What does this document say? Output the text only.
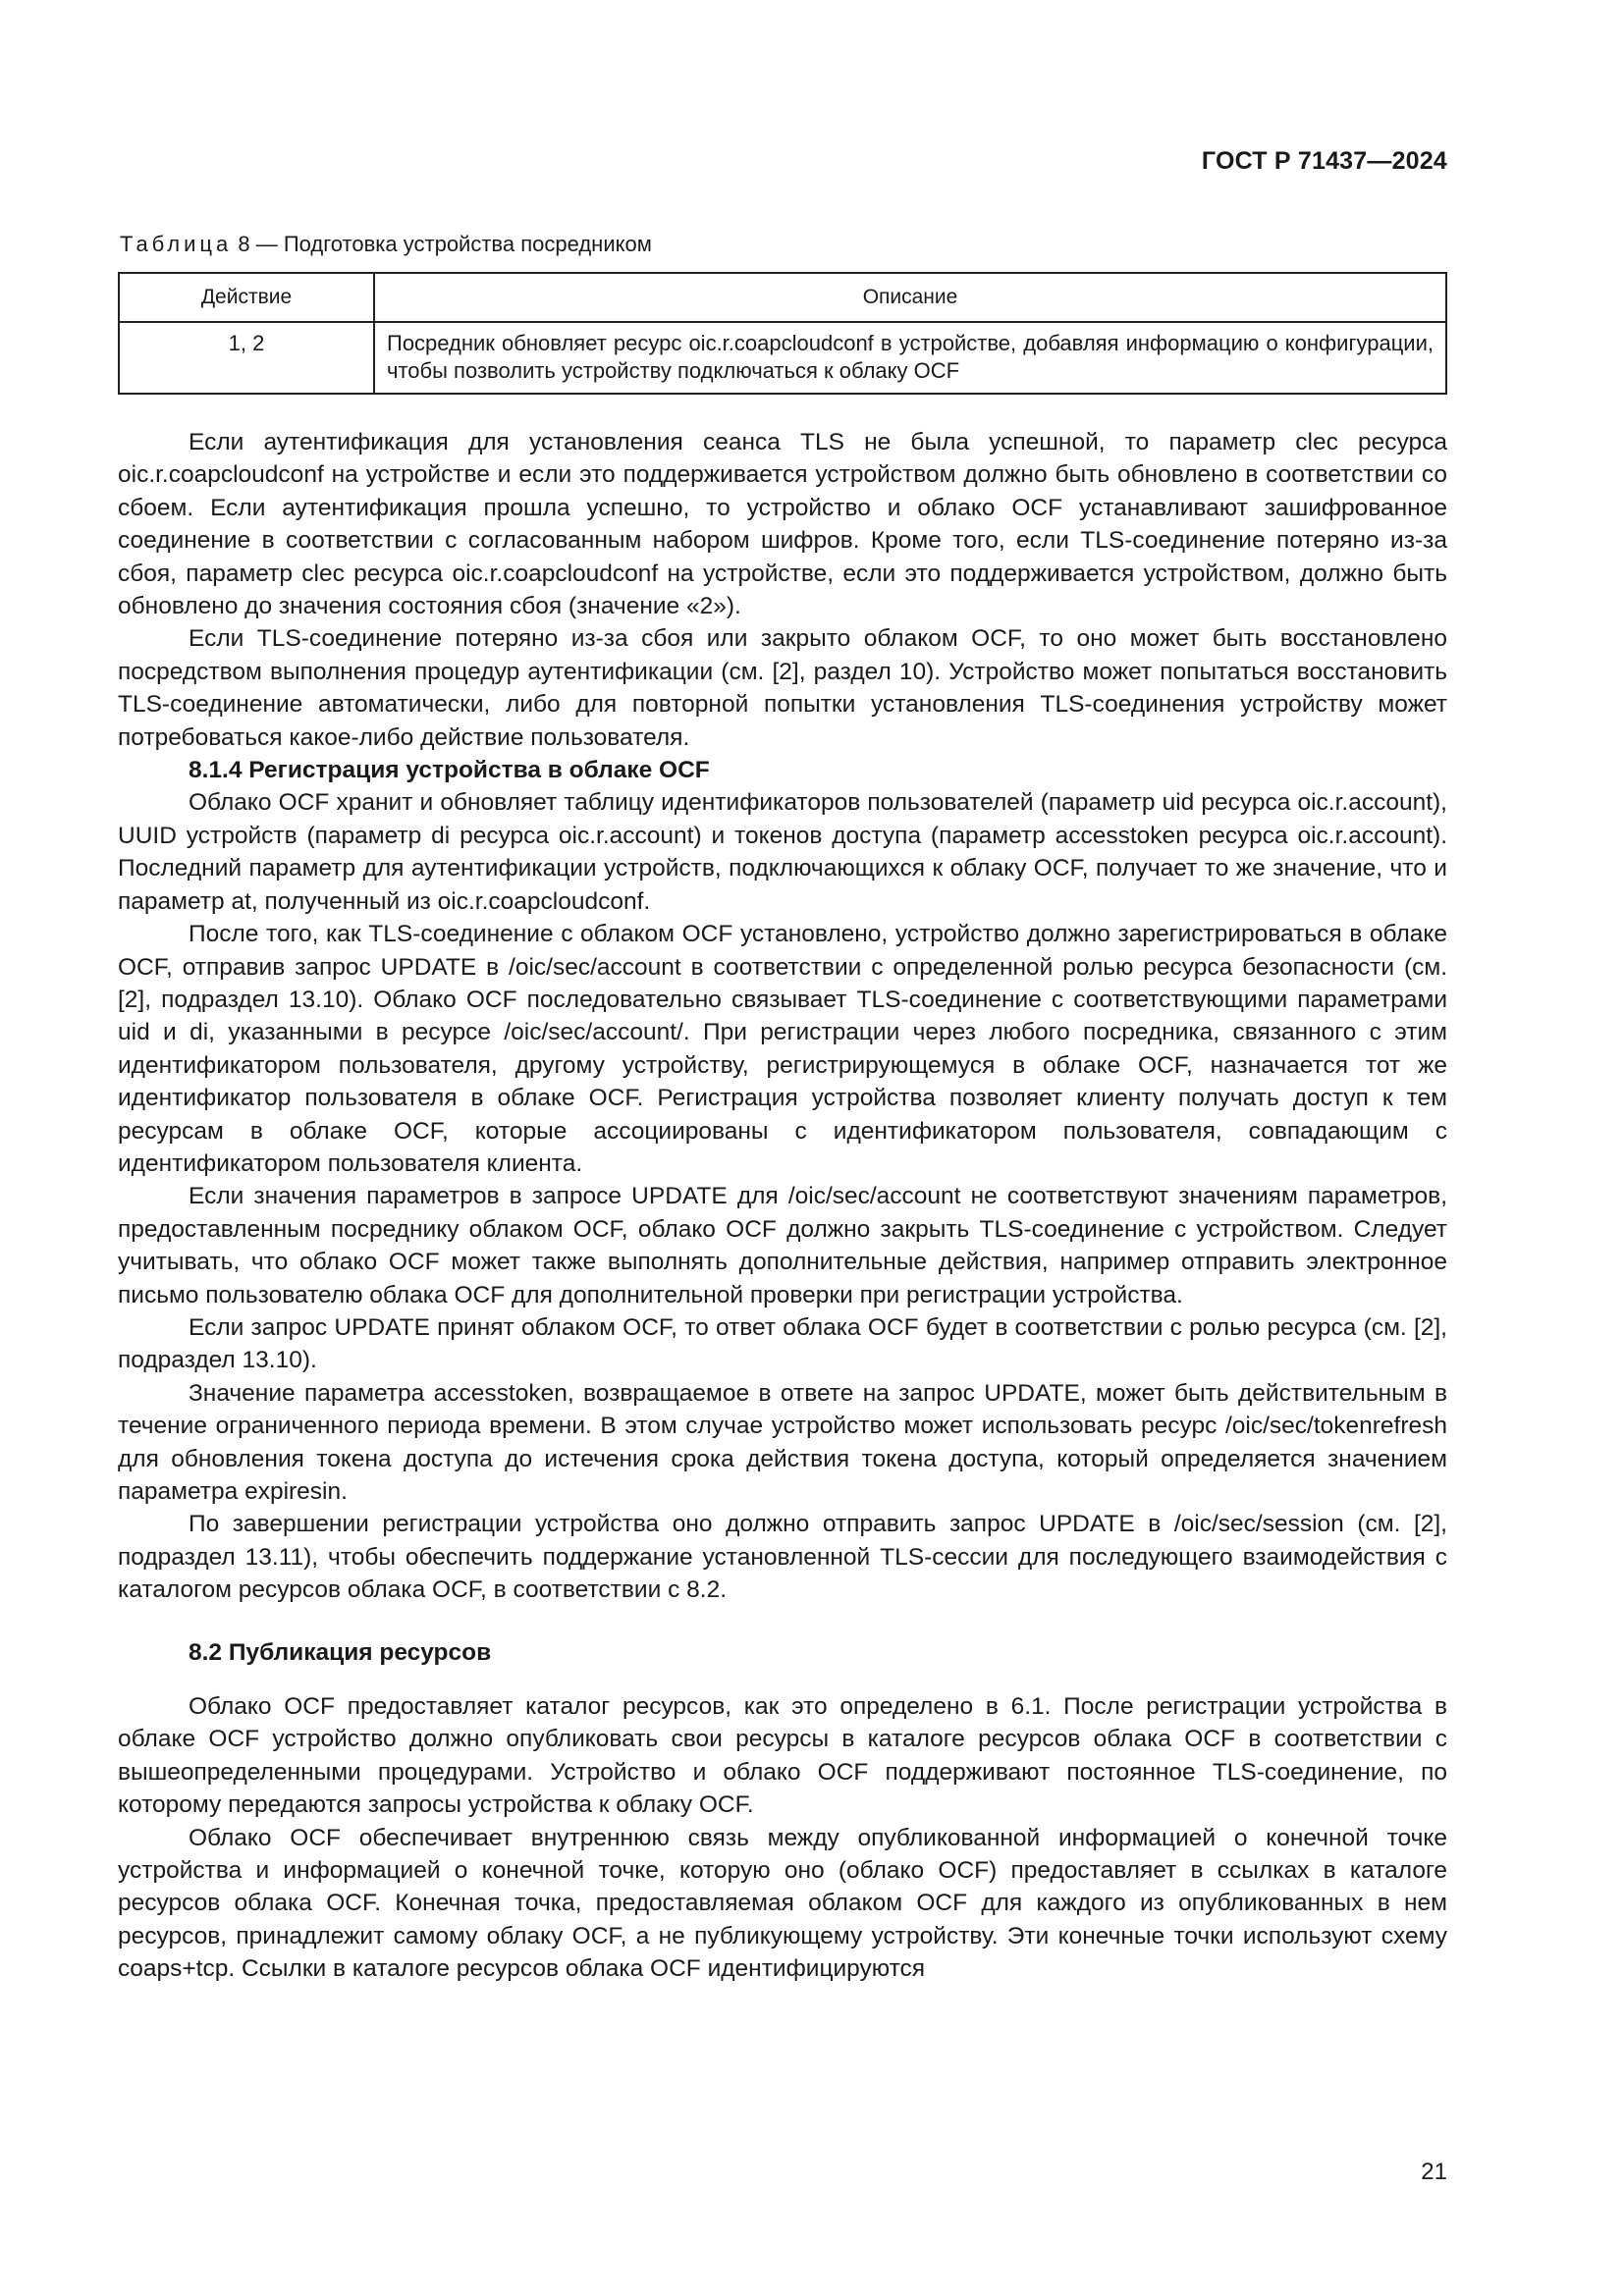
ГОСТ Р 71437—2024
Таблица 8 — Подготовка устройства посредником
Действие	Описание
1, 2	Посредник обновляет ресурс oic.r.coapcloudconf в устройстве, добавляя информацию о конфигурации, чтобы позволить устройству подключаться к облаку OCF

Если аутентификация для установления сеанса TLS не была успешной, то параметр clec ресурса oic.r.coapcloudconf на устройстве и если это поддерживается устройством должно быть обновлено в соответствии со сбоем. Если аутентификация прошла успешно, то устройство и облако OCF устанавливают зашифрованное соединение в соответствии с согласованным набором шифров. Кроме того, если TLS-соединение потеряно из-за сбоя, параметр clec ресурса oic.r.coapcloudconf на устройстве, если это поддерживается устройством, должно быть обновлено до значения состояния сбоя (значение «2»).

Если TLS-соединение потеряно из-за сбоя или закрыто облаком OCF, то оно может быть восстановлено посредством выполнения процедур аутентификации (см. [2], раздел 10). Устройство может попытаться восстановить TLS-соединение автоматически, либо для повторной попытки установления TLS-соединения устройству может потребоваться какое-либо действие пользователя.

8.1.4 Регистрация устройства в облаке OCF

Облако OCF хранит и обновляет таблицу идентификаторов пользователей (параметр uid ресурса oic.r.account), UUID устройств (параметр di ресурса oic.r.account) и токенов доступа (параметр accesstoken ресурса oic.r.account). Последний параметр для аутентификации устройств, подключающихся к облаку OCF, получает то же значение, что и параметр at, полученный из oic.r.coapcloudconf.

После того, как TLS-соединение с облаком OCF установлено, устройство должно зарегистрироваться в облаке OCF, отправив запрос UPDATE в /oic/sec/account в соответствии с определенной ролью ресурса безопасности (см. [2], подраздел 13.10). Облако OCF последовательно связывает TLS-соединение с соответствующими параметрами uid и di, указанными в ресурсе /oic/sec/account/. При регистрации через любого посредника, связанного с этим идентификатором пользователя, другому устройству, регистрирующемуся в облаке OCF, назначается тот же идентификатор пользователя в облаке OCF. Регистрация устройства позволяет клиенту получать доступ к тем ресурсам в облаке OCF, которые ассоциированы с идентификатором пользователя, совпадающим с идентификатором пользователя клиента.

Если значения параметров в запросе UPDATE для /oic/sec/account не соответствуют значениям параметров, предоставленным посреднику облаком OCF, облако OCF должно закрыть TLS-соединение с устройством. Следует учитывать, что облако OCF может также выполнять дополнительные действия, например отправить электронное письмо пользователю облака OCF для дополнительной проверки при регистрации устройства.

Если запрос UPDATE принят облаком OCF, то ответ облака OCF будет в соответствии с ролью ресурса (см. [2], подраздел 13.10).

Значение параметра accesstoken, возвращаемое в ответе на запрос UPDATE, может быть действительным в течение ограниченного периода времени. В этом случае устройство может использовать ресурс /oic/sec/tokenrefresh для обновления токена доступа до истечения срока действия токена доступа, который определяется значением параметра expiresin.

По завершении регистрации устройства оно должно отправить запрос UPDATE в /oic/sec/session (см. [2], подраздел 13.11), чтобы обеспечить поддержание установленной TLS-сессии для последующего взаимодействия с каталогом ресурсов облака OCF, в соответствии с 8.2.

8.2 Публикация ресурсов

Облако OCF предоставляет каталог ресурсов, как это определено в 6.1. После регистрации устройства в облаке OCF устройство должно опубликовать свои ресурсы в каталоге ресурсов облака OCF в соответствии с вышеопределенными процедурами. Устройство и облако OCF поддерживают постоянное TLS-соединение, по которому передаются запросы устройства к облаку OCF.

Облако OCF обеспечивает внутреннюю связь между опубликованной информацией о конечной точке устройства и информацией о конечной точке, которую оно (облако OCF) предоставляет в ссылках в каталоге ресурсов облака OCF. Конечная точка, предоставляемая облаком OCF для каждого из опубликованных в нем ресурсов, принадлежит самому облаку OCF, а не публикующему устройству. Эти конечные точки используют схему coaps+tcp. Ссылки в каталоге ресурсов облака OCF идентифицируются

21
